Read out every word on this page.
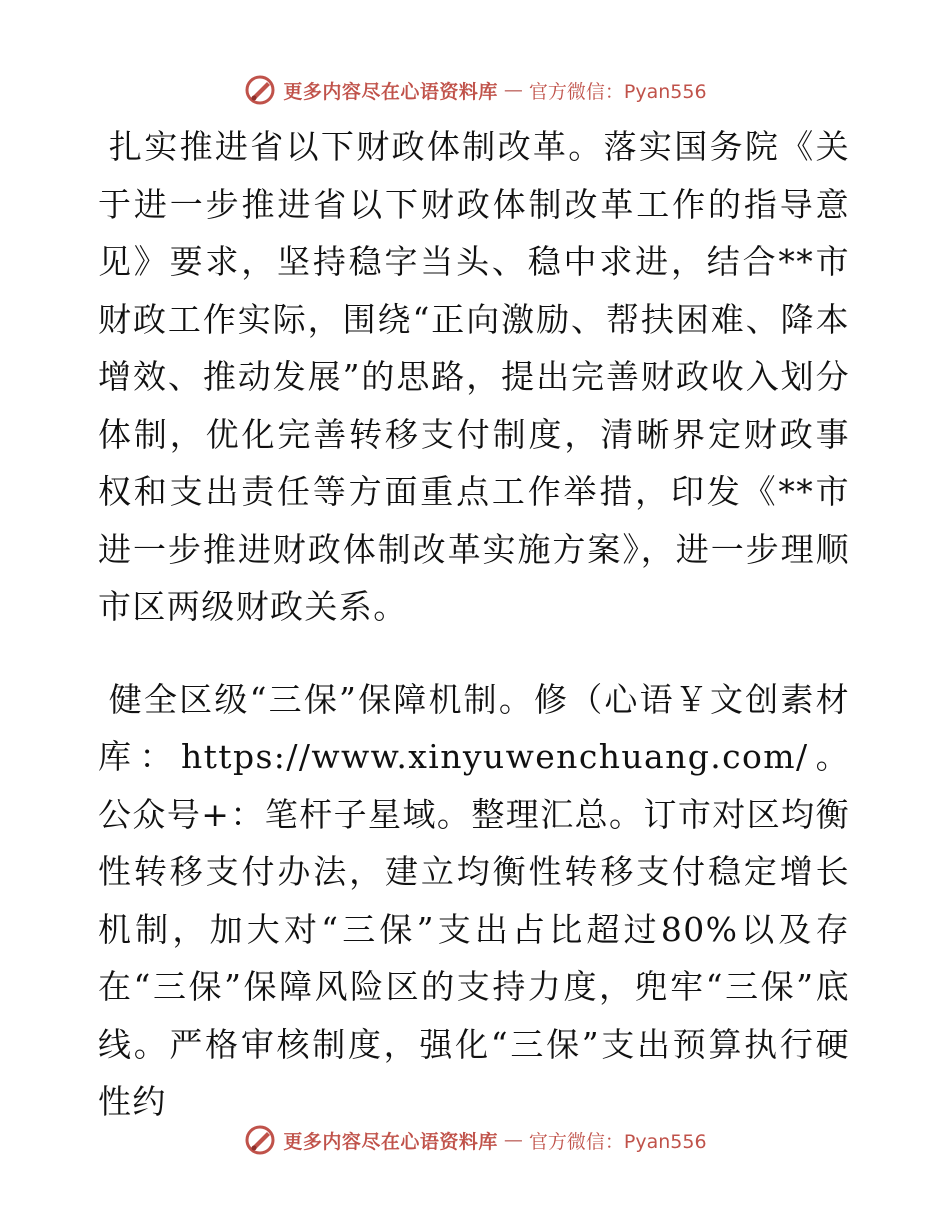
更多内容尽在心语资料库 — 官方微信：Pyan556

扎实推进省以下财政体制改革。落实国务院《关于进一步推进省以下财政体制改革工作的指导意见》要求，坚持稳字当头、稳中求进，结合**市财政工作实际，围绕“正向激励、帮扶困难、降本增效、推动发展”的思路，提出完善财政收入划分体制，优化完善转移支付制度，清晰界定财政事权和支出责任等方面重点工作举措，印发《**市进一步推进财政体制改革实施方案》，进一步理顺市区两级财政关系。

健全区级“三保”保障机制。修（心语￥文创素材库：https://www.xinyuwenchuang.com/。公众号+：笔杆子星域。整理汇总。订市对区均衡性转移支付办法，建立均衡性转移支付稳定增长机制，加大对“三保”支出占比超过80%以及存在“三保”保障风险区的支持力度，兜牢“三保”底线。严格审核制度，强化“三保”支出预算执行硬性约

更多内容尽在心语资料库 — 官方微信：Pyan556
